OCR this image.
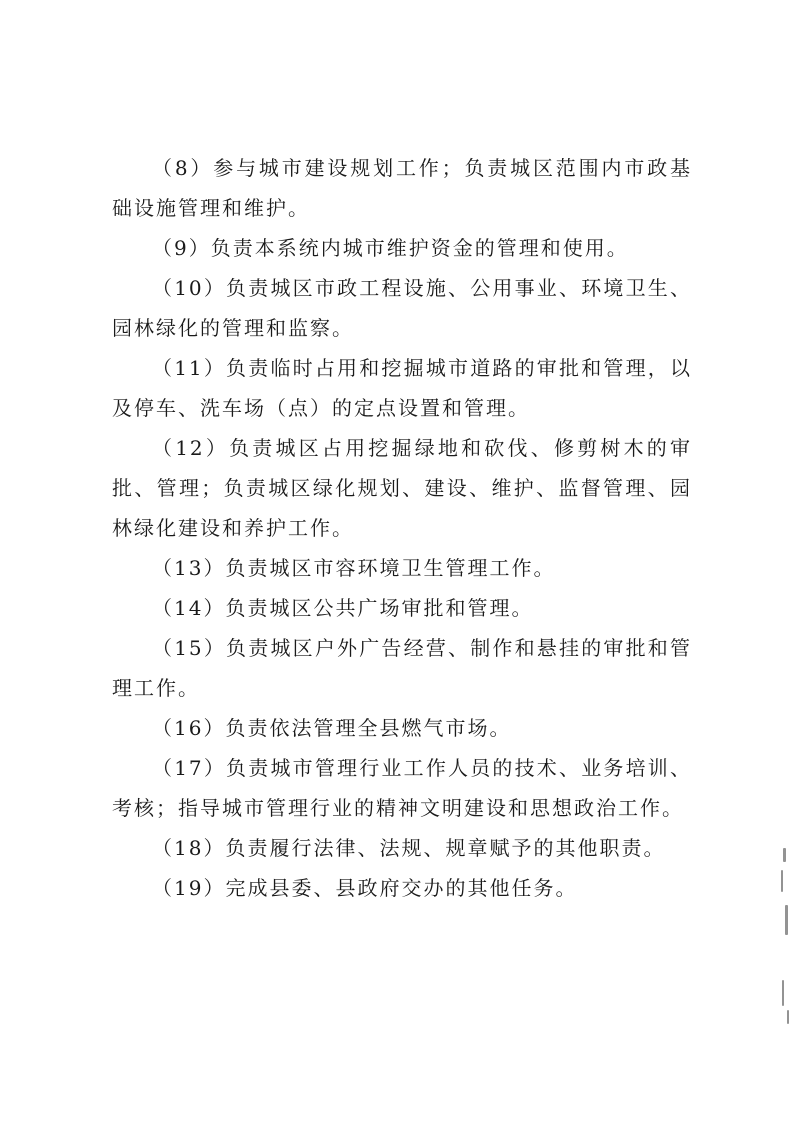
（8）参与城市建设规划工作；负责城区范围内市政基础设施管理和维护。

（9）负责本系统内城市维护资金的管理和使用。

（10）负责城区市政工程设施、公用事业、环境卫生、园林绿化的管理和监察。

（11）负责临时占用和挖掘城市道路的审批和管理，以及停车、洗车场（点）的定点设置和管理。

（12）负责城区占用挖掘绿地和砍伐、修剪树木的审批、管理；负责城区绿化规划、建设、维护、监督管理、园林绿化建设和养护工作。

（13）负责城区市容环境卫生管理工作。

（14）负责城区公共广场审批和管理。

（15）负责城区户外广告经营、制作和悬挂的审批和管理工作。

（16）负责依法管理全县燃气市场。

（17）负责城市管理行业工作人员的技术、业务培训、考核；指导城市管理行业的精神文明建设和思想政治工作。

（18）负责履行法律、法规、规章赋予的其他职责。

（19）完成县委、县政府交办的其他任务。
